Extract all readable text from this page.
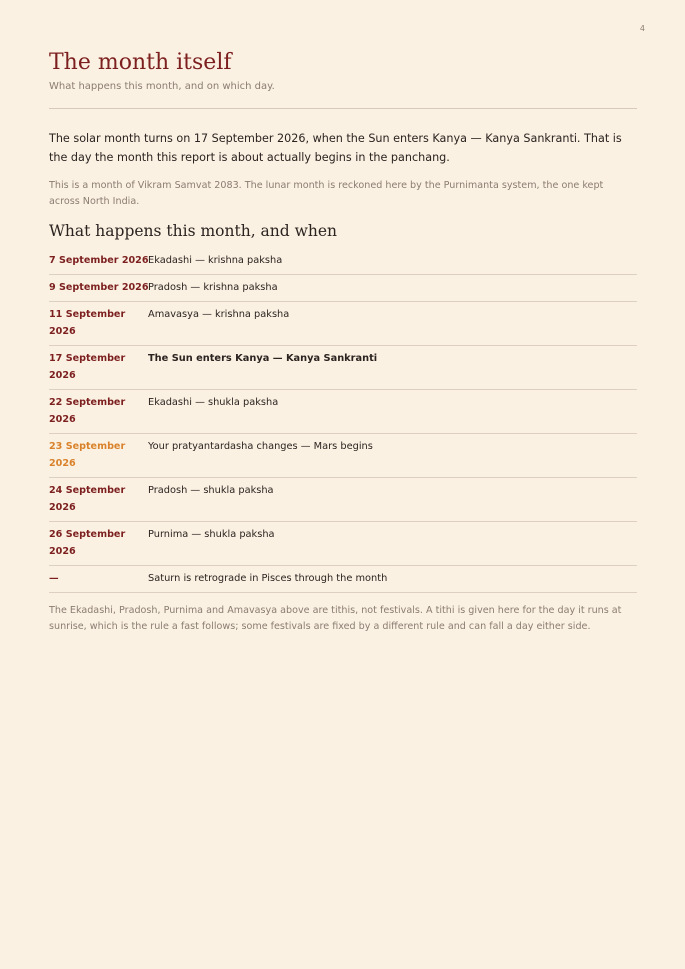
4
The month itself
What happens this month, and on which day.

The solar month turns on 17 September 2026, when the Sun enters Kanya — Kanya Sankranti. That is the day the month this report is about actually begins in the panchang.

This is a month of Vikram Samvat 2083. The lunar month is reckoned here by the Purnimanta system, the one kept across North India.

What happens this month, and when
7 September 2026 Ekadashi — krishna paksha
9 September 2026 Pradosh — krishna paksha
11 September 2026
Amavasya — krishna paksha
17 September 2026
The Sun enters Kanya — Kanya Sankranti
22 September 2026
Ekadashi — shukla paksha
23 September 2026
Your pratyantardasha changes — Mars begins
24 September 2026
Pradosh — shukla paksha
26 September 2026
Purnima — shukla paksha
—	Saturn is retrograde in Pisces through the month

The Ekadashi, Pradosh, Purnima and Amavasya above are tithis, not festivals. A tithi is given here for the day it runs at sunrise, which is the rule a fast follows; some festivals are fixed by a different rule and can fall a day either side.
